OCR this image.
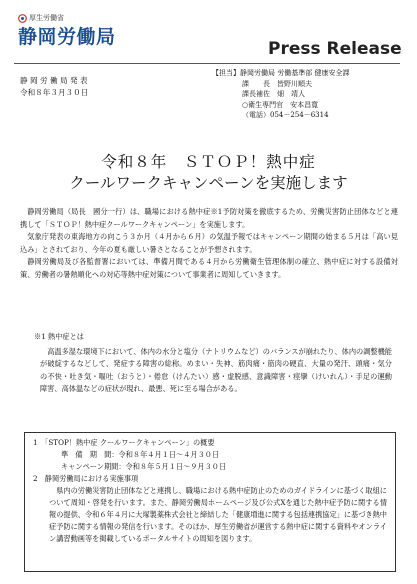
厚生労働省
静岡労働局
Press Release
静 岡 労 働 局 発 表
令和８年３月３０日
【担当】静岡労働局 労働基準部 健康安全課
課　　長　皆野川順夫
課長補佐　畑　靖人
○衛生専門官　安本昌寛
（電話）054－254－6314
令和８年　ＳＴＯＰ！熱中症
クールワークキャンペーンを実施します

静岡労働局（局長　國分一行）は、職場における熱中症※1予防対策を徹底するため、労働災害防止団体などと連携して「ＳＴＯＰ！熱中症クールワークキャンペーン」を実施します。

気象庁発表の東海地方の向こう３か月（４月から６月）の気温予報ではキャンペーン期間の始まる５月は「高い見込み」とされており、今年の夏も厳しい暑さとなることが予想されます。

静岡労働局及び各監督署においては、準備月間である４月から労働衛生管理体制の確立、熱中症に対する設備対策、労働者の暑熱順化への対応等熱中症対策について事業者に周知していきます。

※1 熱中症とは

高温多湿な環境下において、体内の水分と塩分（ナトリウムなど）のバランスが崩れたり、体内の調整機能が破綻するなどして、発症する障害の総称。めまい・失神、筋肉痛・筋肉の硬直、大量の発汗、頭痛・気分の不快・吐き気・嘔吐（おうと）・倦怠（けんたい）感・虚脱感、意識障害・痙攣（けいれん）・手足の運動障害、高体温などの症状が現れ、最悪、死に至る場合がある。

1　「STOP！熱中症 クールワークキャンペーン」の概要
準　備　期　間：令和８年４月１日～４月３０日
キャンペーン期間：令和８年５月１日～９月３０日
2　静岡労働局における実施事項

県内の労働災害防止団体などと連携し、職場における熱中症防止のためのガイドラインに基づく取組について周知・啓発を行います。また、静岡労働局ホームページ及び公式Xを通じた熱中症予防に関する情報の提供、令和６年４月に大塚製薬株式会社と締結した「健康増進に関する包括連携協定」に基づき熱中症予防に関する情報の発信を行います。そのほか、厚生労働省が運営する熱中症に関する資料やオンライン講習動画等を掲載しているポータルサイトの周知を図ります。
